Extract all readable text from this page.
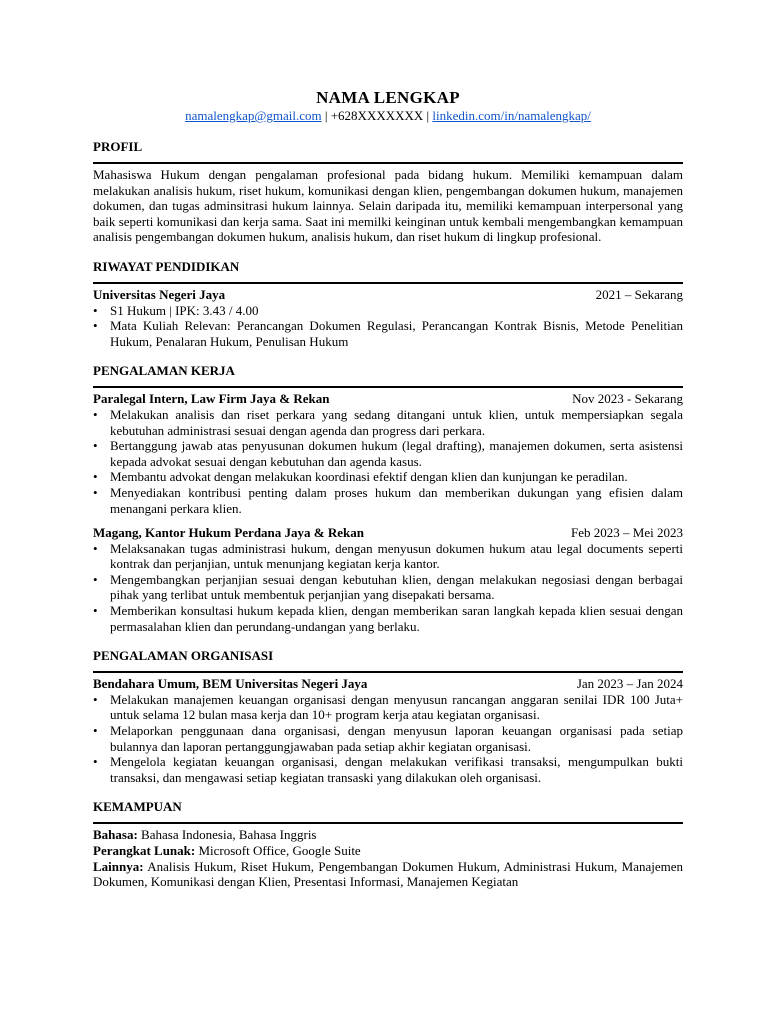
NAMA LENGKAP
namalengkap@gmail.com | +628XXXXXXX | linkedin.com/in/namalengkap/
PROFIL
Mahasiswa Hukum dengan pengalaman profesional pada bidang hukum. Memiliki kemampuan dalam melakukan analisis hukum, riset hukum, komunikasi dengan klien, pengembangan dokumen hukum, manajemen dokumen, dan tugas adminsitrasi hukum lainnya. Selain daripada itu, memiliki kemampuan interpersonal yang baik seperti komunikasi dan kerja sama. Saat ini memilki keinginan untuk kembali mengembangkan kemampuan analisis pengembangan dokumen hukum, analisis hukum, dan riset hukum di lingkup profesional.
RIWAYAT PENDIDIKAN
Universitas Negeri Jaya	2021 – Sekarang
• S1 Hukum | IPK: 3.43 / 4.00
• Mata Kuliah Relevan: Perancangan Dokumen Regulasi, Perancangan Kontrak Bisnis, Metode Penelitian Hukum, Penalaran Hukum, Penulisan Hukum
PENGALAMAN KERJA
Paralegal Intern, Law Firm Jaya & Rekan	Nov 2023 - Sekarang
• Melakukan analisis dan riset perkara yang sedang ditangani untuk klien, untuk mempersiapkan segala kebutuhan administrasi sesuai dengan agenda dan progress dari perkara.
• Bertanggung jawab atas penyusunan dokumen hukum (legal drafting), manajemen dokumen, serta asistensi kepada advokat sesuai dengan kebutuhan dan agenda kasus.
• Membantu advokat dengan melakukan koordinasi efektif dengan klien dan kunjungan ke peradilan.
• Menyediakan kontribusi penting dalam proses hukum dan memberikan dukungan yang efisien dalam menangani perkara klien.
Magang, Kantor Hukum Perdana Jaya & Rekan	Feb 2023 – Mei 2023
• Melaksanakan tugas administrasi hukum, dengan menyusun dokumen hukum atau legal documents seperti kontrak dan perjanjian, untuk menunjang kegiatan kerja kantor.
• Mengembangkan perjanjian sesuai dengan kebutuhan klien, dengan melakukan negosiasi dengan berbagai pihak yang terlibat untuk membentuk perjanjian yang disepakati bersama.
• Memberikan konsultasi hukum kepada klien, dengan memberikan saran langkah kepada klien sesuai dengan permasalahan klien dan perundang-undangan yang berlaku.
PENGALAMAN ORGANISASI
Bendahara Umum, BEM Universitas Negeri Jaya	Jan 2023 – Jan 2024
• Melakukan manajemen keuangan organisasi dengan menyusun rancangan anggaran senilai IDR 100 Juta+ untuk selama 12 bulan masa kerja dan 10+ program kerja atau kegiatan organisasi.
• Melaporkan penggunaan dana organisasi, dengan menyusun laporan keuangan organisasi pada setiap bulannya dan laporan pertanggungjawaban pada setiap akhir kegiatan organisasi.
• Mengelola kegiatan keuangan organisasi, dengan melakukan verifikasi transaksi, mengumpulkan bukti transaksi, dan mengawasi setiap kegiatan transaski yang dilakukan oleh organisasi.
KEMAMPUAN
Bahasa: Bahasa Indonesia, Bahasa Inggris
Perangkat Lunak: Microsoft Office, Google Suite
Lainnya: Analisis Hukum, Riset Hukum, Pengembangan Dokumen Hukum, Administrasi Hukum, Manajemen Dokumen, Komunikasi dengan Klien, Presentasi Informasi, Manajemen Kegiatan
